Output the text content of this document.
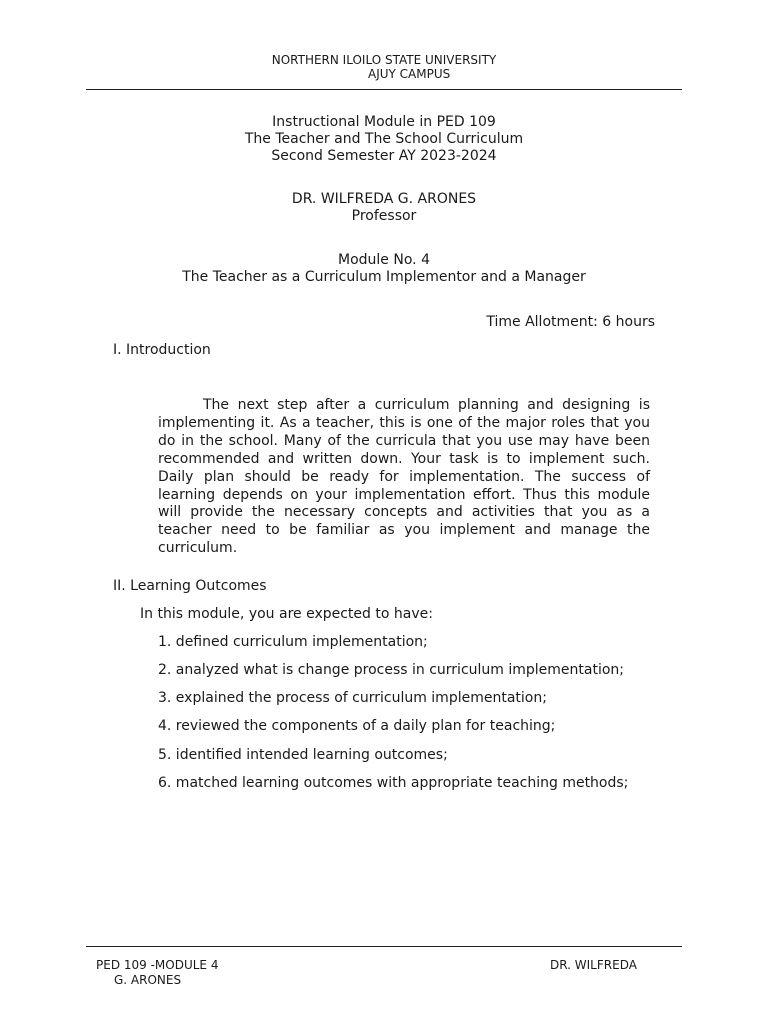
NORTHERN ILOILO STATE UNIVERSITY
AJUY CAMPUS
Instructional Module in PED 109
The Teacher and The School Curriculum
Second Semester AY 2023-2024
DR. WILFREDA G. ARONES
Professor
Module No. 4
The Teacher as a Curriculum Implementor and a Manager
Time Allotment: 6 hours
I. Introduction
The next step after a curriculum planning and designing is implementing it. As a teacher, this is one of the major roles that you do in the school. Many of the curricula that you use may have been recommended and written down. Your task is to implement such. Daily plan should be ready for implementation. The success of learning depends on your implementation effort. Thus this module will provide the necessary concepts and activities that you as a teacher need to be familiar as you implement and manage the curriculum.
II. Learning Outcomes
In this module, you are expected to have:
1. defined curriculum implementation;
2. analyzed what is change process in curriculum implementation;
3. explained the process of curriculum implementation;
4. reviewed the components of a daily plan for teaching;
5. identified intended learning outcomes;
6. matched learning outcomes with appropriate teaching methods;
PED 109 -MODULE 4	DR. WILFREDA
G. ARONES
